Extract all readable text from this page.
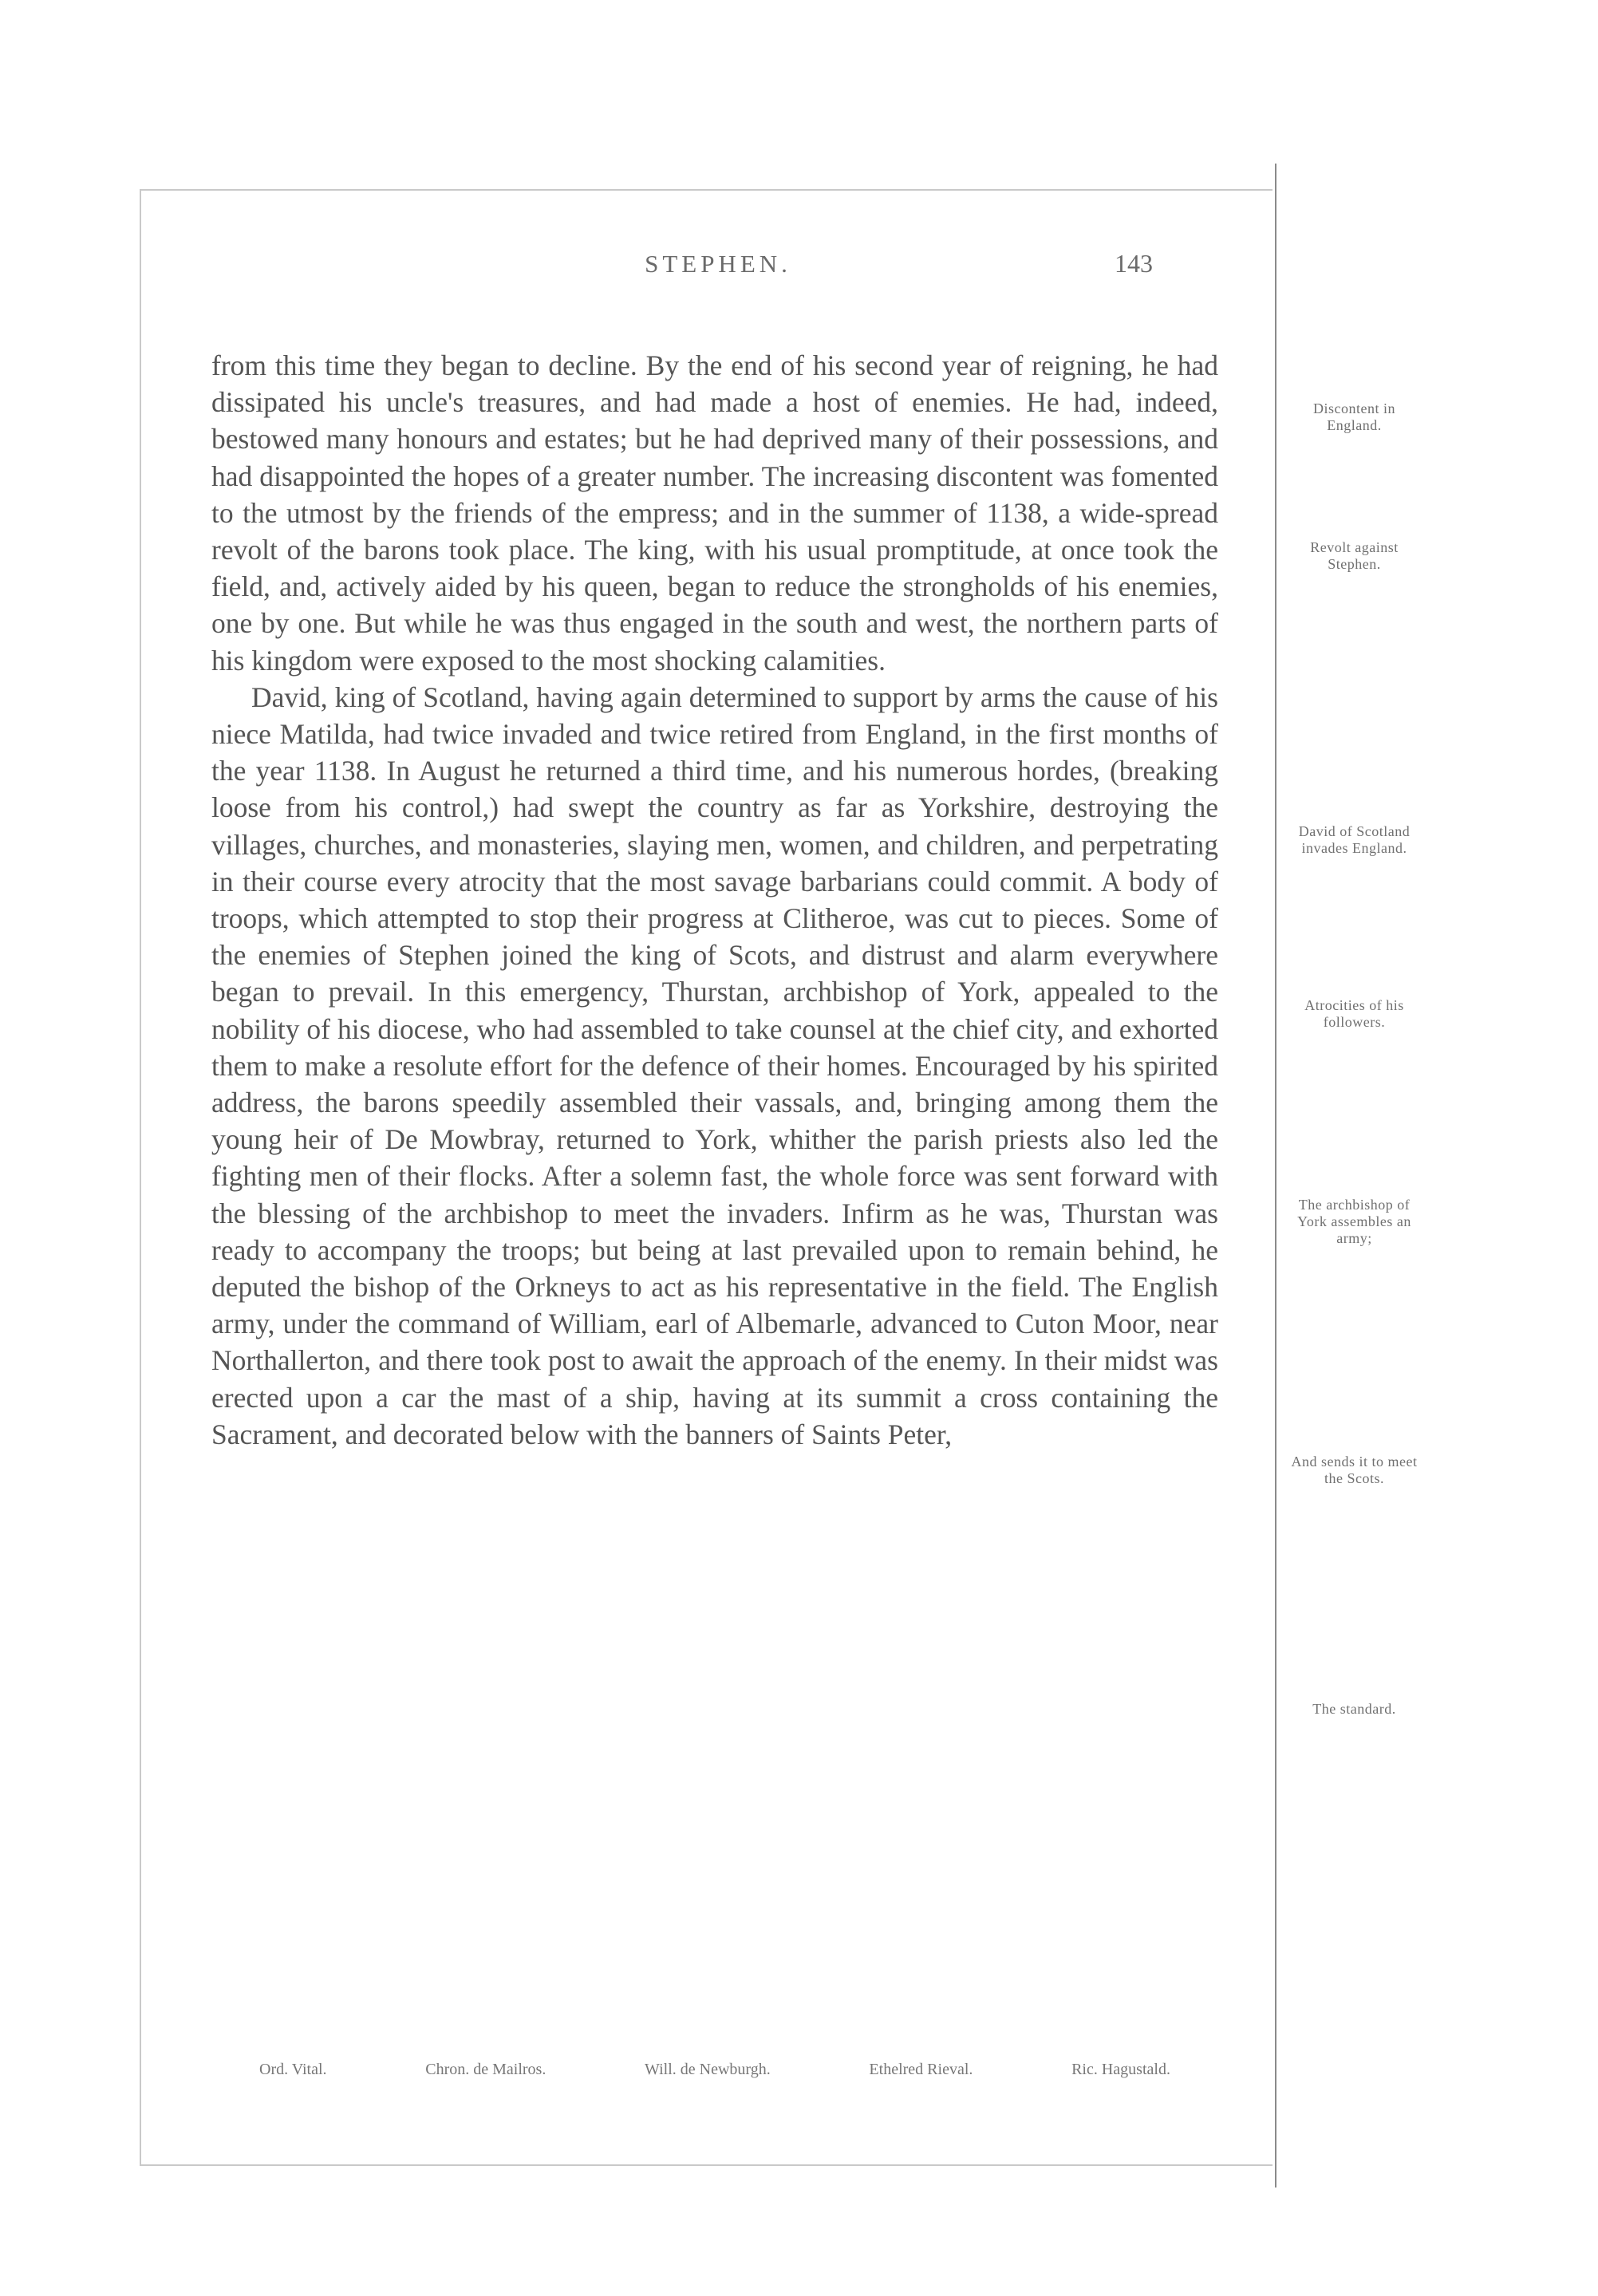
STEPHEN.	143

from this time they began to decline. By the end of his second year of reigning, he had dissipated his uncle's treasures, and had made a host of enemies. He had, indeed, bestowed many honours and estates; but he had deprived many of their possessions, and had disappointed the hopes of a greater number. The increasing discontent was fomented to the utmost by the friends of the empress; and in the summer of 1138, a wide-spread revolt of the barons took place. The king, with his usual promptitude, at once took the field, and, actively aided by his queen, began to reduce the strongholds of his enemies, one by one. But while he was thus engaged in the south and west, the northern parts of his kingdom were exposed to the most shocking calamities.

David, king of Scotland, having again determined to support by arms the cause of his niece Matilda, had twice invaded and twice retired from England, in the first months of the year 1138. In August he returned a third time, and his numerous hordes, (breaking loose from his control,) had swept the country as far as Yorkshire, destroying the villages, churches, and monasteries, slaying men, women, and children, and perpetrating in their course every atrocity that the most savage barbarians could commit. A body of troops, which attempted to stop their progress at Clitheroe, was cut to pieces. Some of the enemies of Stephen joined the king of Scots, and distrust and alarm everywhere began to prevail. In this emergency, Thurstan, archbishop of York, appealed to the nobility of his diocese, who had assembled to take counsel at the chief city, and exhorted them to make a resolute effort for the defence of their homes. Encouraged by his spirited address, the barons speedily assembled their vassals, and, bringing among them the young heir of De Mowbray, returned to York, whither the parish priests also led the fighting men of their flocks. After a solemn fast, the whole force was sent forward with the blessing of the archbishop to meet the invaders. Infirm as he was, Thurstan was ready to accompany the troops; but being at last prevailed upon to remain behind, he deputed the bishop of the Orkneys to act as his representative in the field. The English army, under the command of William, earl of Albemarle, advanced to Cuton Moor, near Northallerton, and there took post to await the approach of the enemy. In their midst was erected upon a car the mast of a ship, having at its summit a cross containing the Sacrament, and decorated below with the banners of Saints Peter,

Discontent in England.
Revolt against Stephen.
David of Scotland invades England.
Atrocities of his followers.
The archbishop of York assembles an army;
And sends it to meet the Scots.
The standard.
Ord. Vital.	Chron. de Mailros.	Will. de Newburgh.	Ethelred Rieval.	Ric. Hagustald.
